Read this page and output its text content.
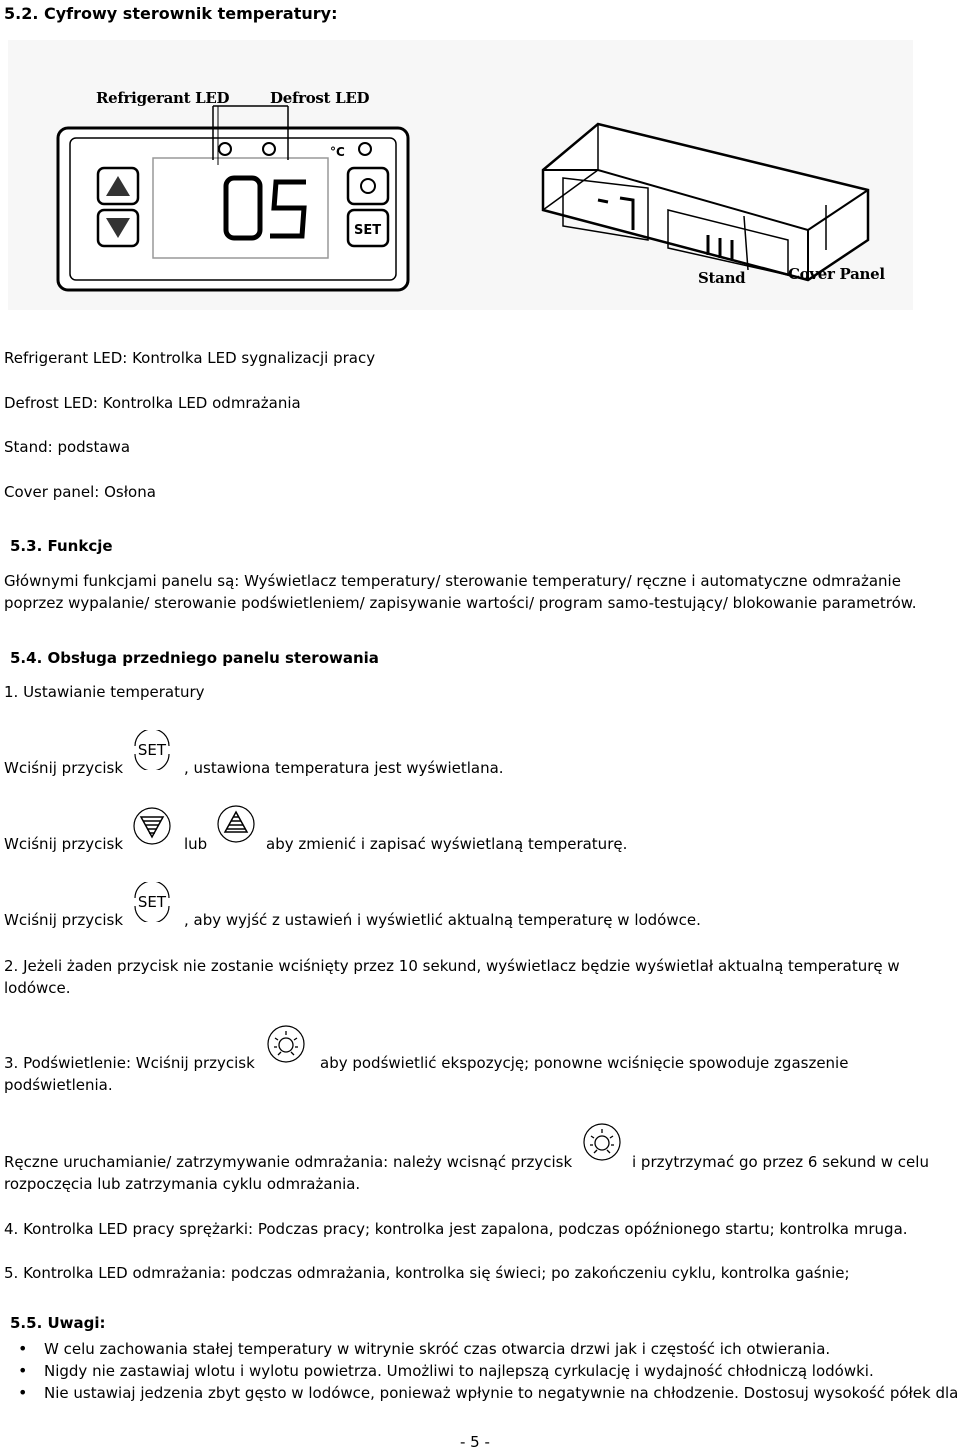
5.2. Cyfrowy sterownik temperatury:
°C
SET
Refrigerant LED	Defrost LED
Stand	Cover Panel
Refrigerant LED: Kontrolka LED sygnalizacji pracy
Defrost LED: Kontrolka LED odmrażania
Stand: podstawa
Cover panel: Osłona
5.3. Funkcje
Głównymi funkcjami panelu są: Wyświetlacz temperatury/ sterowanie temperatury/ ręczne i automatyczne odmrażanie poprzez wypalanie/ sterowanie podświetleniem/ zapisywanie wartości/ program samo-testujący/ blokowanie parametrów.
5.4. Obsługa przedniego panelu sterowania
1. Ustawianie temperatury
Wciśnij przycisk
SET
, ustawiona temperatura jest wyświetlana.
Wciśnij przycisk	lub	aby zmienić i zapisać wyświetlaną temperaturę.
Wciśnij przycisk
SET
, aby wyjść z ustawień i wyświetlić aktualną temperaturę w lodówce.
2. Jeżeli żaden przycisk nie zostanie wciśnięty przez 10 sekund, wyświetlacz będzie wyświetlał aktualną temperaturę w lodówce.
3. Podświetlenie: Wciśnij przycisk	aby podświetlić ekspozycję; ponowne wciśnięcie spowoduje zgaszenie
podświetlenia.
Ręczne uruchamianie/ zatrzymywanie odmrażania: należy wcisnąć przycisk	i przytrzymać go przez 6 sekund w celu
rozpoczęcia lub zatrzymania cyklu odmrażania.
4. Kontrolka LED pracy sprężarki: Podczas pracy; kontrolka jest zapalona, podczas opóźnionego startu; kontrolka mruga.
5. Kontrolka LED odmrażania: podczas odmrażania, kontrolka się świeci; po zakończeniu cyklu, kontrolka gaśnie;
5.5. Uwagi:
• W celu zachowania stałej temperatury w witrynie skróć czas otwarcia drzwi jak i częstość ich otwierania.
• Nigdy nie zastawiaj wlotu i wylotu powietrza. Umożliwi to najlepszą cyrkulację i wydajność chłodniczą lodówki.
• Nie ustawiaj jedzenia zbyt gęsto w lodówce, ponieważ wpłynie to negatywnie na chłodzenie. Dostosuj wysokość półek dla
- 5 -
